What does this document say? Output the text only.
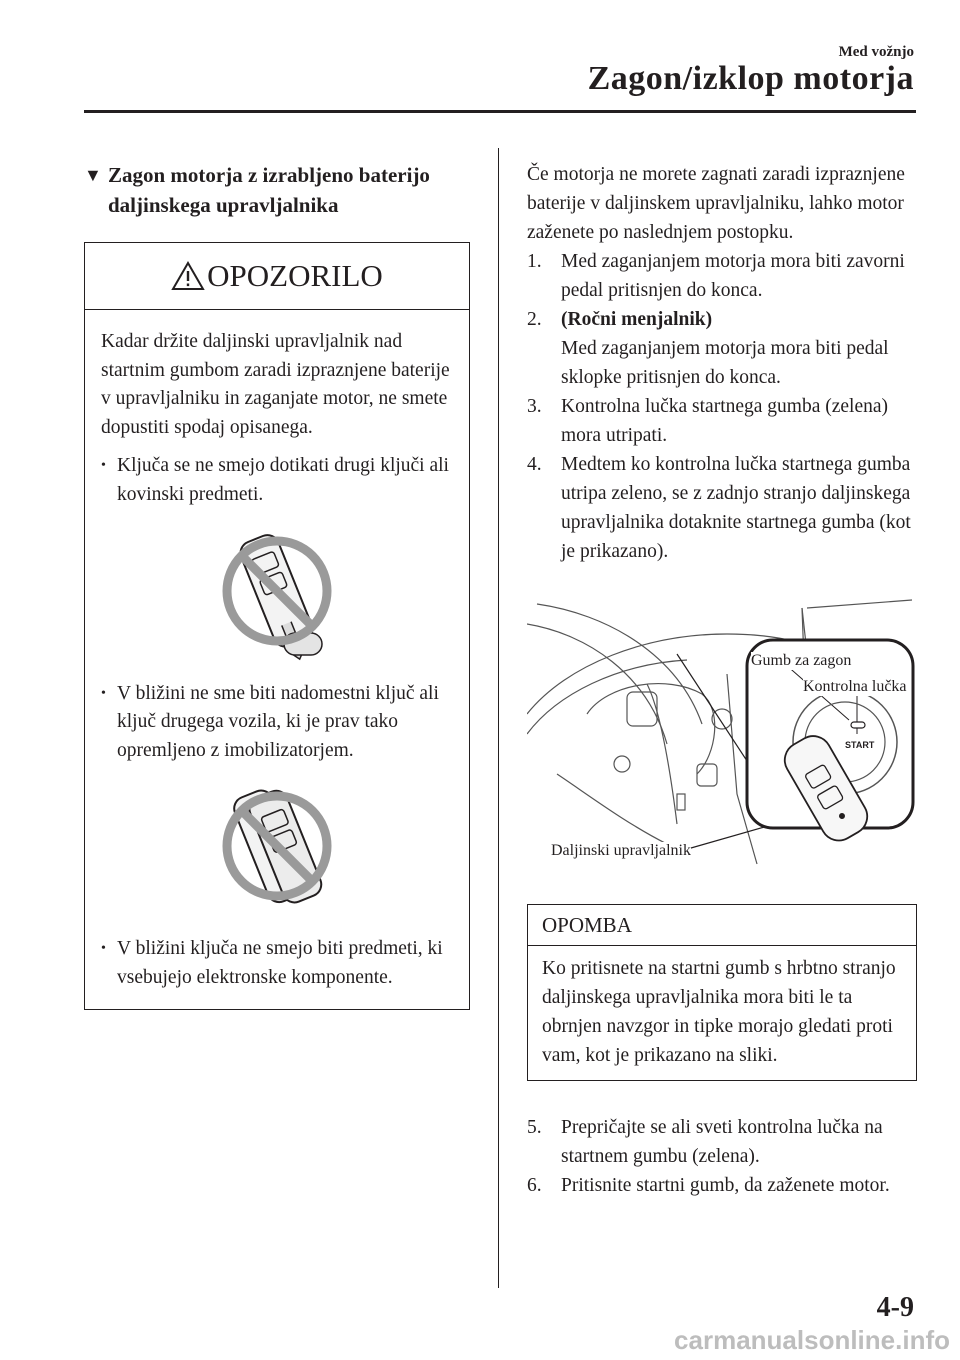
Med vožnjo
Zagon/izklop motorja
▼ Zagon motorja z izrabljeno baterijo daljinskega upravljalnika
OPOZORILO
Kadar držite daljinski upravljalnik nad startnim gumbom zaradi izpraznjene baterije v upravljalniku in zaganjate motor, ne smete dopustiti spodaj opisanega.
• Ključa se ne smejo dotikati drugi ključi ali kovinski predmeti.
• V bližini ne sme biti nadomestni ključ ali ključ drugega vozila, ki je prav tako opremljeno z imobilizatorjem.
• V bližini ključa ne smejo biti predmeti, ki vsebujejo elektronske komponente.
Če motorja ne morete zagnati zaradi izpraznjene baterije v daljinskem upravljalniku, lahko motor zaženete po naslednjem postopku.
1. Med zaganjanjem motorja mora biti zavorni pedal pritisnjen do konca.
2. (Ročni menjalnik)
Med zaganjanjem motorja mora biti pedal sklopke pritisnjen do konca.
3. Kontrolna lučka startnega gumba (zelena) mora utripati.
4. Medtem ko kontrolna lučka startnega gumba utripa zeleno, se z zadnjo stranjo daljinskega upravljalnika dotaknite startnega gumba (kot je prikazano).
START
Gumb za zagon
Kontrolna lučka
Daljinski upravljalnik
OPOMBA
Ko pritisnete na startni gumb s hrbtno stranjo daljinskega upravljalnika mora biti le ta obrnjen navzgor in tipke morajo gledati proti vam, kot je prikazano na sliki.
5. Prepričajte se ali sveti kontrolna lučka na startnem gumbu (zelena).
6. Pritisnite startni gumb, da zaženete motor.
4-9
carmanualsonline.info
